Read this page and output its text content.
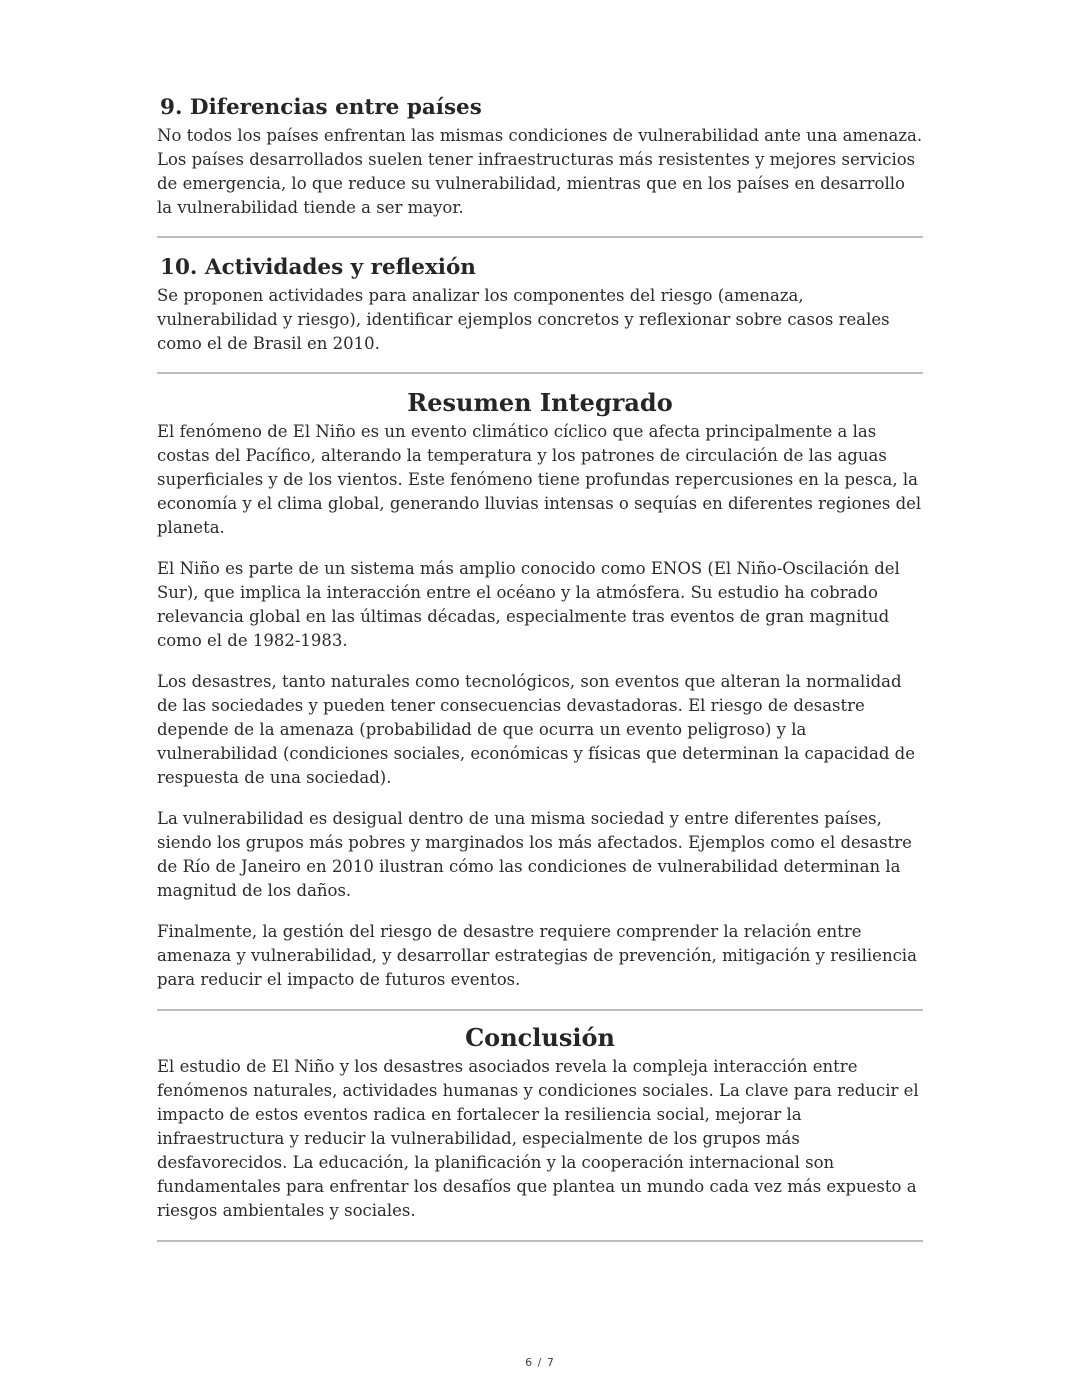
9. Diferencias entre países

No todos los países enfrentan las mismas condiciones de vulnerabilidad ante una amenaza. Los países desarrollados suelen tener infraestructuras más resistentes y mejores servicios de emergencia, lo que reduce su vulnerabilidad, mientras que en los países en desarrollo la vulnerabilidad tiende a ser mayor.

10. Actividades y reflexión

Se proponen actividades para analizar los componentes del riesgo (amenaza, vulnerabilidad y riesgo), identificar ejemplos concretos y reflexionar sobre casos reales como el de Brasil en 2010.

Resumen Integrado

El fenómeno de El Niño es un evento climático cíclico que afecta principalmente a las costas del Pacífico, alterando la temperatura y los patrones de circulación de las aguas superficiales y de los vientos. Este fenómeno tiene profundas repercusiones en la pesca, la economía y el clima global, generando lluvias intensas o sequías en diferentes regiones del planeta.

El Niño es parte de un sistema más amplio conocido como ENOS (El Niño-Oscilación del Sur), que implica la interacción entre el océano y la atmósfera. Su estudio ha cobrado relevancia global en las últimas décadas, especialmente tras eventos de gran magnitud como el de 1982-1983.

Los desastres, tanto naturales como tecnológicos, son eventos que alteran la normalidad de las sociedades y pueden tener consecuencias devastadoras. El riesgo de desastre depende de la amenaza (probabilidad de que ocurra un evento peligroso) y la vulnerabilidad (condiciones sociales, económicas y físicas que determinan la capacidad de respuesta de una sociedad).

La vulnerabilidad es desigual dentro de una misma sociedad y entre diferentes países, siendo los grupos más pobres y marginados los más afectados. Ejemplos como el desastre de Río de Janeiro en 2010 ilustran cómo las condiciones de vulnerabilidad determinan la magnitud de los daños.

Finalmente, la gestión del riesgo de desastre requiere comprender la relación entre amenaza y vulnerabilidad, y desarrollar estrategias de prevención, mitigación y resiliencia para reducir el impacto de futuros eventos.

Conclusión

El estudio de El Niño y los desastres asociados revela la compleja interacción entre fenómenos naturales, actividades humanas y condiciones sociales. La clave para reducir el impacto de estos eventos radica en fortalecer la resiliencia social, mejorar la infraestructura y reducir la vulnerabilidad, especialmente de los grupos más desfavorecidos. La educación, la planificación y la cooperación internacional son fundamentales para enfrentar los desafíos que plantea un mundo cada vez más expuesto a riesgos ambientales y sociales.

6 / 7
